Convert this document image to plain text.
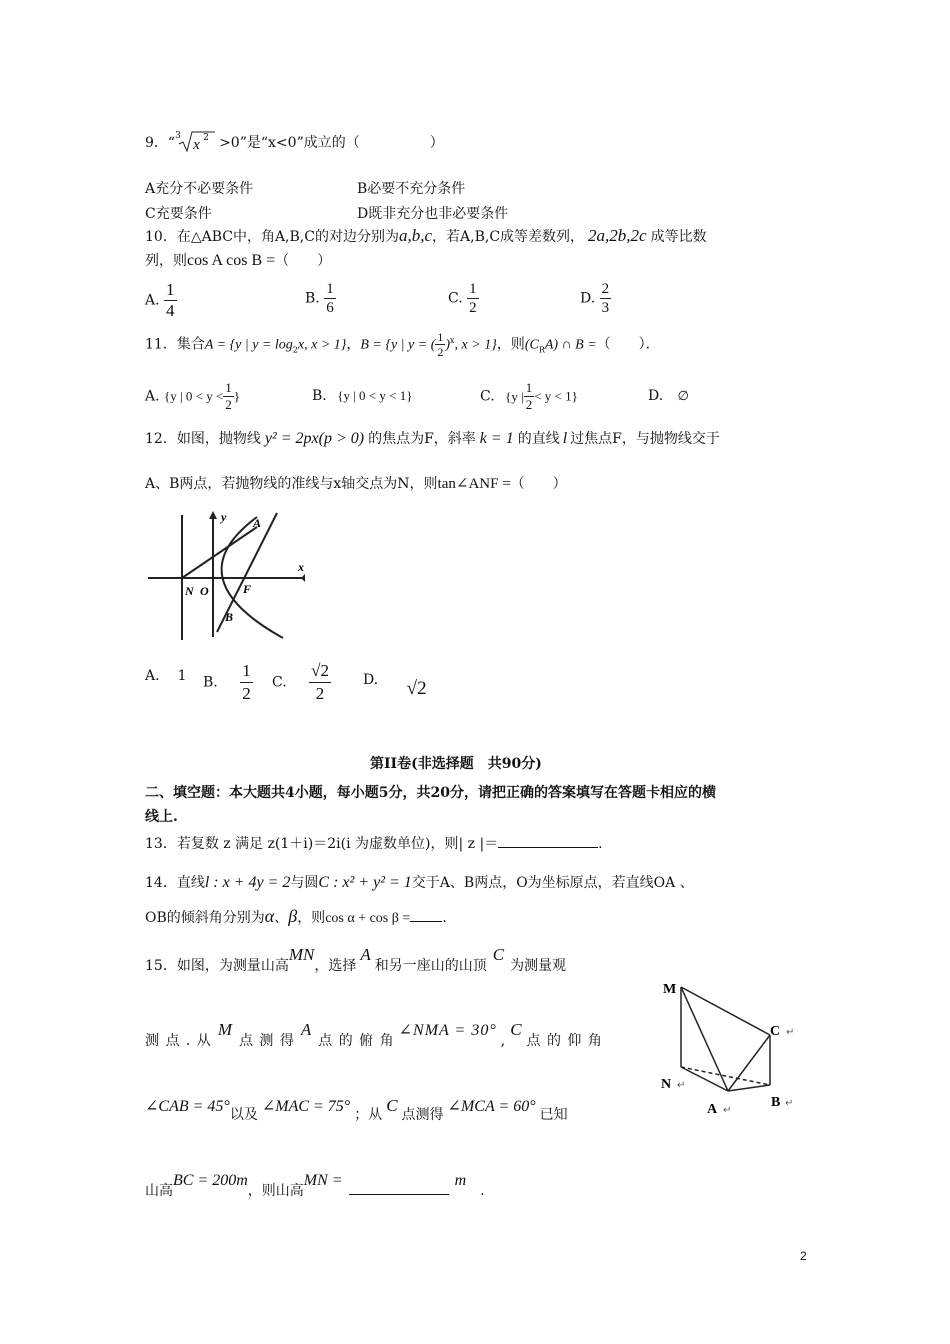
9．“ 3
x 2 >0”是“x<0”成立的（　　　　　）
A充分不必要条件	B必要不充分条件
C充要条件	D既非充分也非必要条件
10．在△ABC中，角A,B,C的对边分别为a,b,c，若A,B,C成等差数列， 2a,2b,2c 成等比数
列，则cos A cos B =（　　）
A. $\frac{1}{4}$	B. $\frac{1}{6}$	C. $\frac{1}{2}$	D. $\frac{2}{3}$
11．集合A = {y | $y = \log_2x$, x > 1}，B = {y | y = ( $\frac{1}{2} )^x$, x > 1}，则$(C_RA)$ ∩ B =（　　）．
A. {y | $0 < y < \frac{1}{2}$ }	B. {y | 0 < y < 1}	C. {y | $\frac{1}{2} < y < 1$}	D. ∅
12．如图，抛物线 y² = 2px(p > 0) 的焦点为F，斜率 k = 1 的直线 l 过焦点F，与抛物线交于
A、B两点，若抛物线的准线与x轴交点为N，则tan∠ANF =（　　）
y
x
A
F
B
N O
A. 1 B. $\frac{1}{2} C$. $\frac{√2}{2} D$. √2
第II卷(非选择题　共90分)
二、填空题：本大题共4小题，每小题5分，共20分，请把正确的答案填写在答题卡相应的横
线上.
13．若复数 z 满足 z(1＋i)＝2i(i 为虚数单位)，则| z |＝	.
14．直线l : x + 4y = 2与圆C : x² + y² = 1交于A、B两点，O为坐标原点，若直线OA 、
OB的倾斜角分别为α、β，则cos α + cos β = .
15．如图，为测量山高MN，选择A和另一座山的山顶C为测量观
测 点 . 从M点 测 得A点 的 俯 角∠NMA = 30°,C点 的 仰 角
∠CAB = 45°以及 ∠MAC = 75° ；从 C 点测得 ∠MCA = 60° 已知
山高BC = 200m，则山高MN =	m.
M
C ↵
N ↵
A ↵
B ↵
2
